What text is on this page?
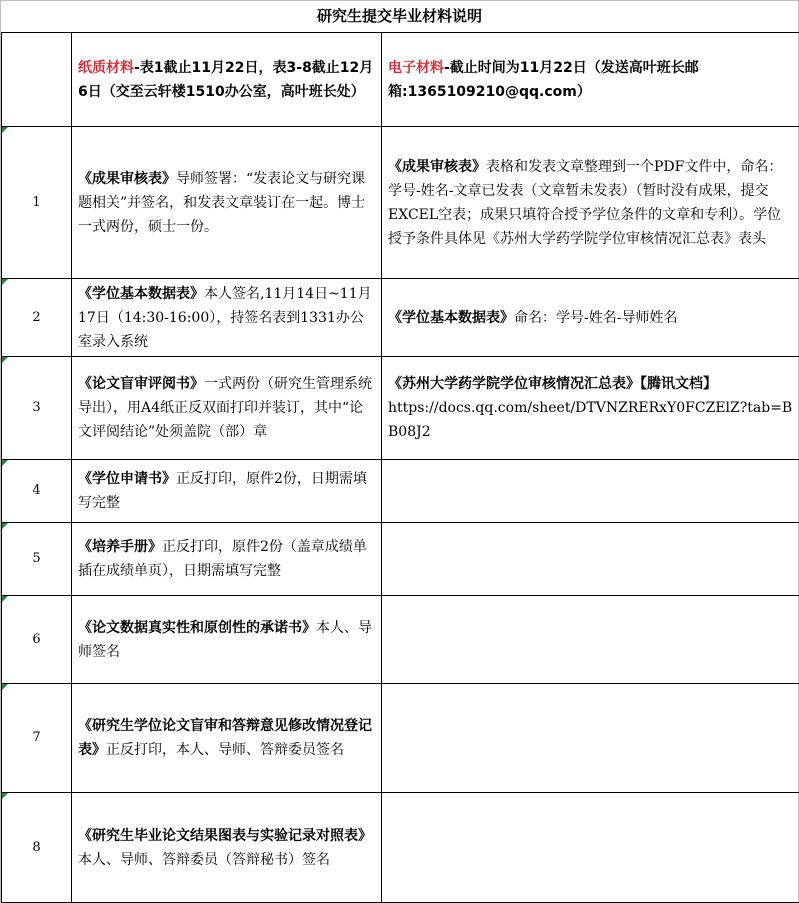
研究生提交毕业材料说明
	纸质材料-表1截止11月22日，表3-8截止12月6日（交至云轩楼1510办公室，高叶班长处）	电子材料-截止时间为11月22日（发送高叶班长邮箱:1365109210@qq.com）
1	《成果审核表》导师签署：“发表论文与研究课题相关”并签名，和发表文章装订在一起。博士一式两份，硕士一份。	《成果审核表》表格和发表文章整理到一个PDF文件中，命名：学号-姓名-文章已发表（文章暂未发表）（暂时没有成果，提交EXCEL空表；成果只填符合授予学位条件的文章和专利）。学位授予条件具体见《苏州大学药学院学位审核情况汇总表》表头
2	《学位基本数据表》本人签名,11月14日~11月17日（14:30-16:00），持签名表到1331办公室录入系统	《学位基本数据表》命名：学号-姓名-导师姓名
3	《论文盲审评阅书》一式两份（研究生管理系统导出），用A4纸正反双面打印并装订，其中“论文评阅结论”处须盖院（部）章	《苏州大学药学院学位审核情况汇总表》【腾讯文档】
https://docs.qq.com/sheet/DTVNZRERxY0FCZElZ?tab=BB08J2
4	《学位申请书》正反打印，原件2份，日期需填写完整	
5	《培养手册》正反打印，原件2份（盖章成绩单插在成绩单页），日期需填写完整	
6	《论文数据真实性和原创性的承诺书》本人、导师签名	
7	《研究生学位论文盲审和答辩意见修改情况登记表》正反打印，本人、导师、答辩委员签名	
8	《研究生毕业论文结果图表与实验记录对照表》本人、导师、答辩委员（答辩秘书）签名	
